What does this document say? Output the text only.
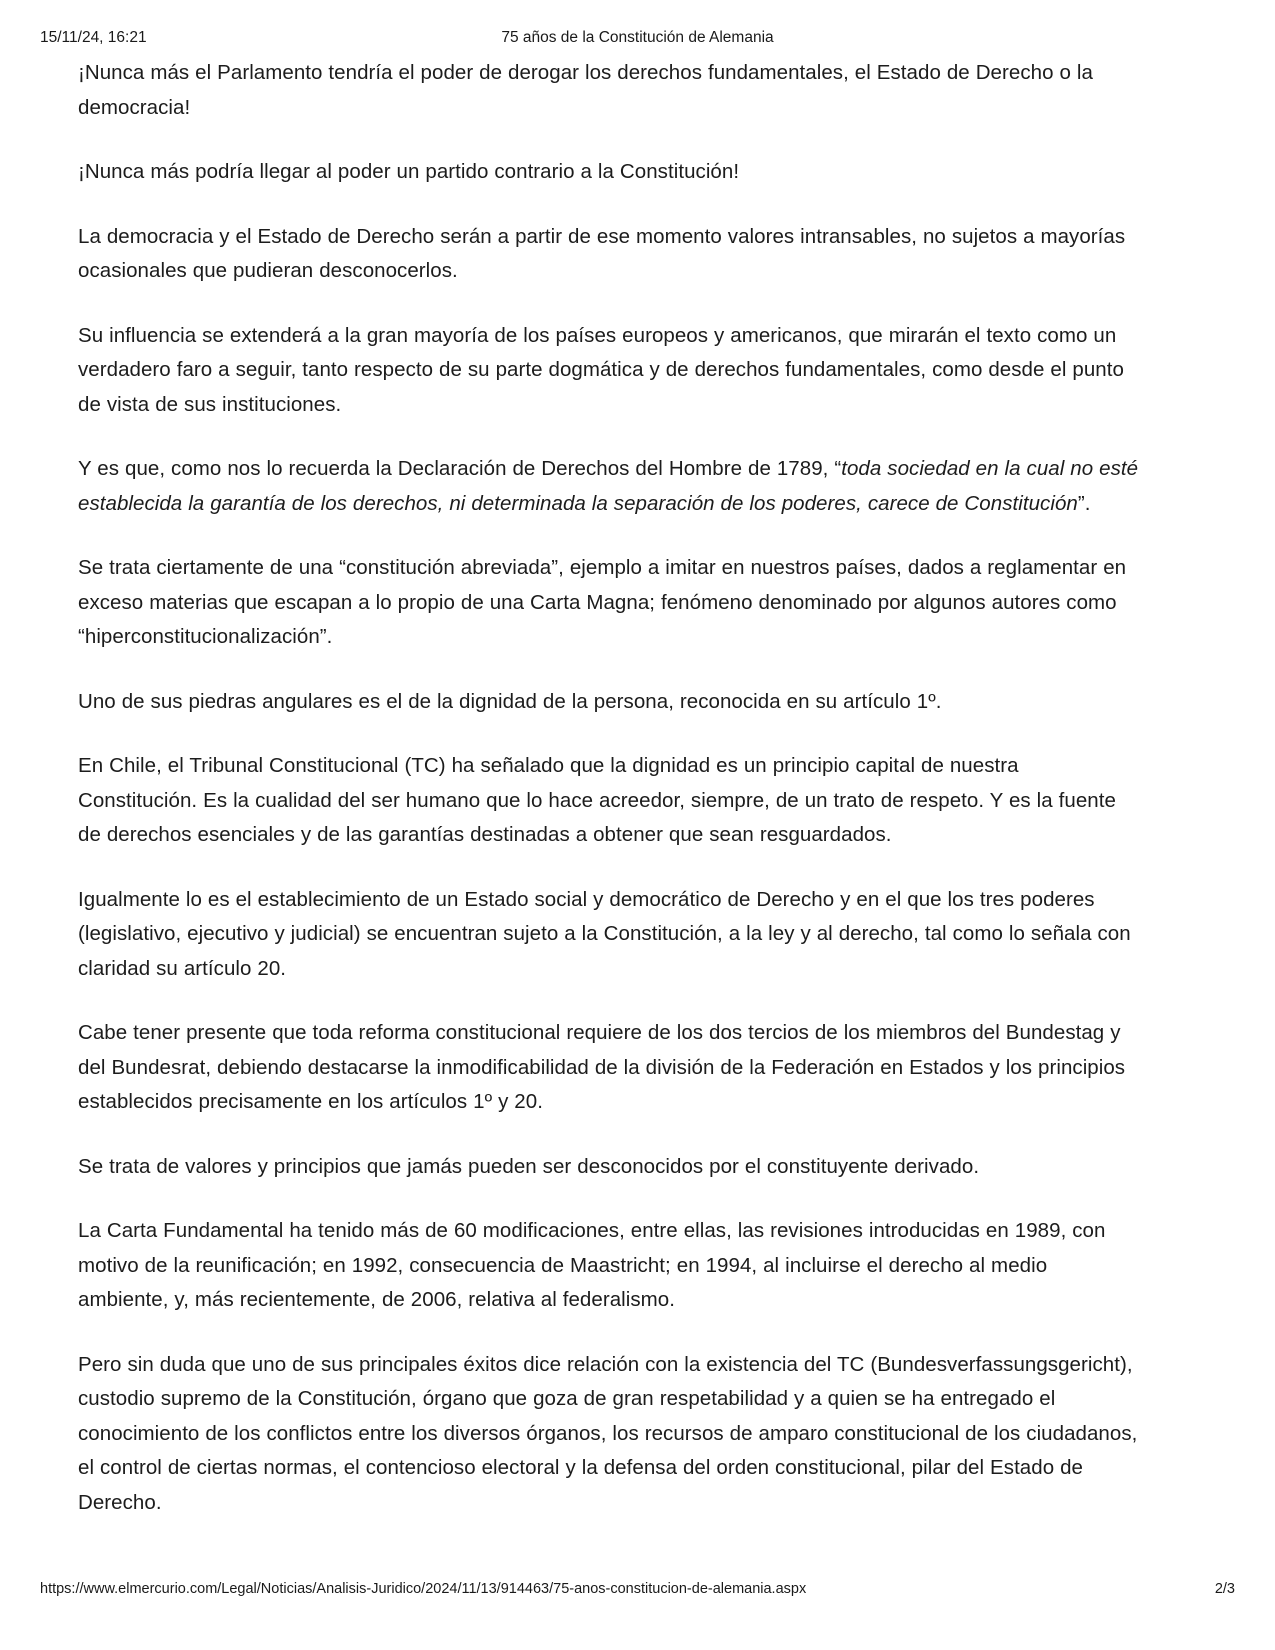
15/11/24, 16:21	75 años de la Constitución de Alemania

¡Nunca más el Parlamento tendría el poder de derogar los derechos fundamentales, el Estado de Derecho o la democracia!

¡Nunca más podría llegar al poder un partido contrario a la Constitución!

La democracia y el Estado de Derecho serán a partir de ese momento valores intransables, no sujetos a mayorías ocasionales que pudieran desconocerlos.

Su influencia se extenderá a la gran mayoría de los países europeos y americanos, que mirarán el texto como un verdadero faro a seguir, tanto respecto de su parte dogmática y de derechos fundamentales, como desde el punto de vista de sus instituciones.

Y es que, como nos lo recuerda la Declaración de Derechos del Hombre de 1789, “toda sociedad en la cual no esté establecida la garantía de los derechos, ni determinada la separación de los poderes, carece de Constitución”.

Se trata ciertamente de una “constitución abreviada”, ejemplo a imitar en nuestros países, dados a reglamentar en exceso materias que escapan a lo propio de una Carta Magna; fenómeno denominado por algunos autores como “hiperconstitucionalización”.

Uno de sus piedras angulares es el de la dignidad de la persona, reconocida en su artículo 1º.

En Chile, el Tribunal Constitucional (TC) ha señalado que la dignidad es un principio capital de nuestra Constitución. Es la cualidad del ser humano que lo hace acreedor, siempre, de un trato de respeto. Y es la fuente de derechos esenciales y de las garantías destinadas a obtener que sean resguardados.

Igualmente lo es el establecimiento de un Estado social y democrático de Derecho y en el que los tres poderes (legislativo, ejecutivo y judicial) se encuentran sujeto a la Constitución, a la ley y al derecho, tal como lo señala con claridad su artículo 20.

Cabe tener presente que toda reforma constitucional requiere de los dos tercios de los miembros del Bundestag y del Bundesrat, debiendo destacarse la inmodificabilidad de la división de la Federación en Estados y los principios establecidos precisamente en los artículos 1º y 20.

Se trata de valores y principios que jamás pueden ser desconocidos por el constituyente derivado.

La Carta Fundamental ha tenido más de 60 modificaciones, entre ellas, las revisiones introducidas en 1989, con motivo de la reunificación; en 1992, consecuencia de Maastricht; en 1994, al incluirse el derecho al medio ambiente, y, más recientemente, de 2006, relativa al federalismo.

Pero sin duda que uno de sus principales éxitos dice relación con la existencia del TC (Bundesverfassungsgericht), custodio supremo de la Constitución, órgano que goza de gran respetabilidad y a quien se ha entregado el conocimiento de los conflictos entre los diversos órganos, los recursos de amparo constitucional de los ciudadanos, el control de ciertas normas, el contencioso electoral y la defensa del orden constitucional, pilar del Estado de Derecho.

https://www.elmercurio.com/Legal/Noticias/Analisis-Juridico/2024/11/13/914463/75-anos-constitucion-de-alemania.aspx	2/3
